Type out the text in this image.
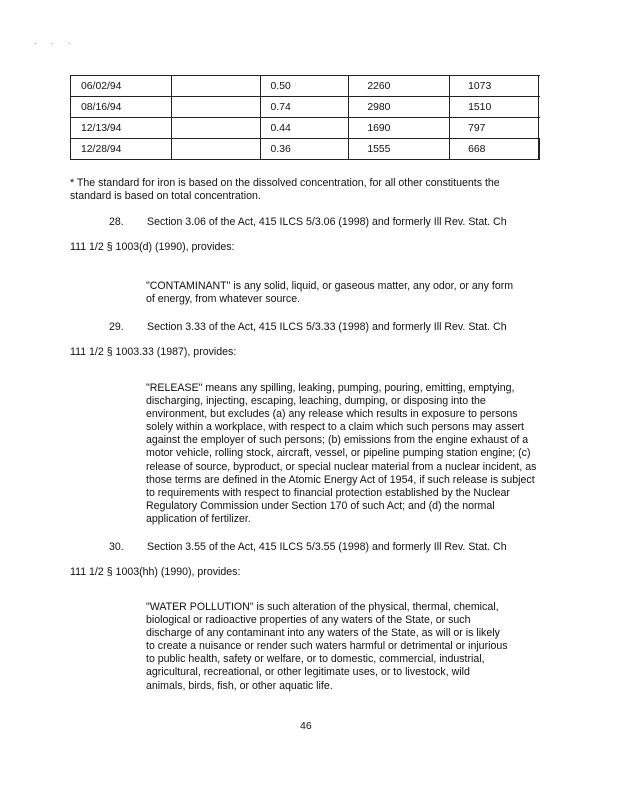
. . .
06/02/94		0.50	2260	1073	
08/16/94		0.74	2980	1510	
12/13/94		0.44	1690	797	
12/28/94		0.36	1555	668	
* The standard for iron is based on the dissolved concentration, for all other constituents the standard is based on total concentration.
28. Section 3.06 of the Act, 415 ILCS 5/3.06 (1998) and formerly Ill Rev. Stat. Ch
111 1/2 § 1003(d) (1990), provides:
"CONTAMINANT" is any solid, liquid, or gaseous matter, any odor, or any form of energy, from whatever source.
29. Section 3.33 of the Act, 415 ILCS 5/3.33 (1998) and formerly Ill Rev. Stat. Ch
111 1/2 § 1003.33 (1987), provides:
"RELEASE" means any spilling, leaking, pumping, pouring, emitting, emptying, discharging, injecting, escaping, leaching, dumping, or disposing into the environment, but excludes (a) any release which results in exposure to persons solely within a workplace, with respect to a claim which such persons may assert against the employer of such persons; (b) emissions from the engine exhaust of a motor vehicle, rolling stock, aircraft, vessel, or pipeline pumping station engine; (c) release of source, byproduct, or special nuclear material from a nuclear incident, as those terms are defined in the Atomic Energy Act of 1954, if such release is subject to requirements with respect to financial protection established by the Nuclear Regulatory Commission under Section 170 of such Act; and (d) the normal application of fertilizer.
30. Section 3.55 of the Act, 415 ILCS 5/3.55 (1998) and formerly Ill Rev. Stat. Ch
111 1/2 § 1003(hh) (1990), provides:
"WATER POLLUTION" is such alteration of the physical, thermal, chemical, biological or radioactive properties of any waters of the State, or such discharge of any contaminant into any waters of the State, as will or is likely to create a nuisance or render such waters harmful or detrimental or injurious to public health, safety or welfare, or to domestic, commercial, industrial, agricultural, recreational, or other legitimate uses, or to livestock, wild animals, birds, fish, or other aquatic life.
46
